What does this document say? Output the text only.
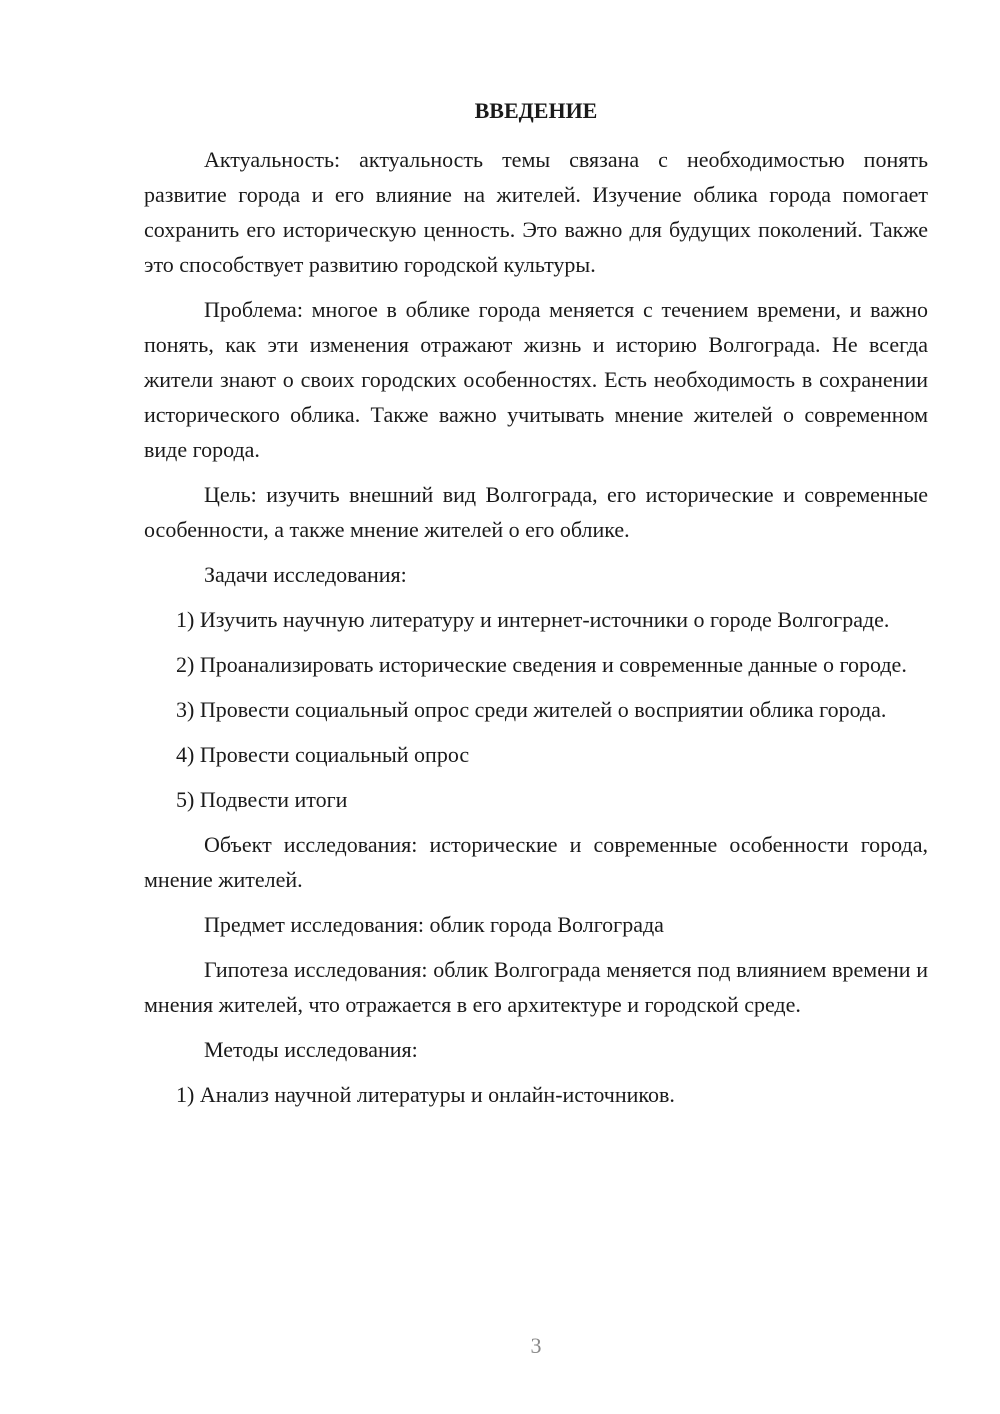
ВВЕДЕНИЕ

Актуальность: актуальность темы связана с необходимостью понять развитие города и его влияние на жителей. Изучение облика города помогает сохранить его историческую ценность. Это важно для будущих поколений. Также это способствует развитию городской культуры.

Проблема: многое в облике города меняется с течением времени, и важно понять, как эти изменения отражают жизнь и историю Волгограда. Не всегда жители знают о своих городских особенностях. Есть необходимость в сохранении исторического облика. Также важно учитывать мнение жителей о современном виде города.

Цель: изучить внешний вид Волгограда, его исторические и современные особенности, а также мнение жителей о его облике.

Задачи исследования:

1) Изучить научную литературу и интернет-источники о городе Волгограде.

2) Проанализировать исторические сведения и современные данные о городе.

3) Провести социальный опрос среди жителей о восприятии облика города.

4) Провести социальный опрос

5) Подвести итоги

Объект исследования: исторические и современные особенности города, мнение жителей.

Предмет исследования: облик города Волгограда

Гипотеза исследования: облик Волгограда меняется под влиянием времени и мнения жителей, что отражается в его архитектуре и городской среде.

Методы исследования:

1) Анализ научной литературы и онлайн-источников.

3
